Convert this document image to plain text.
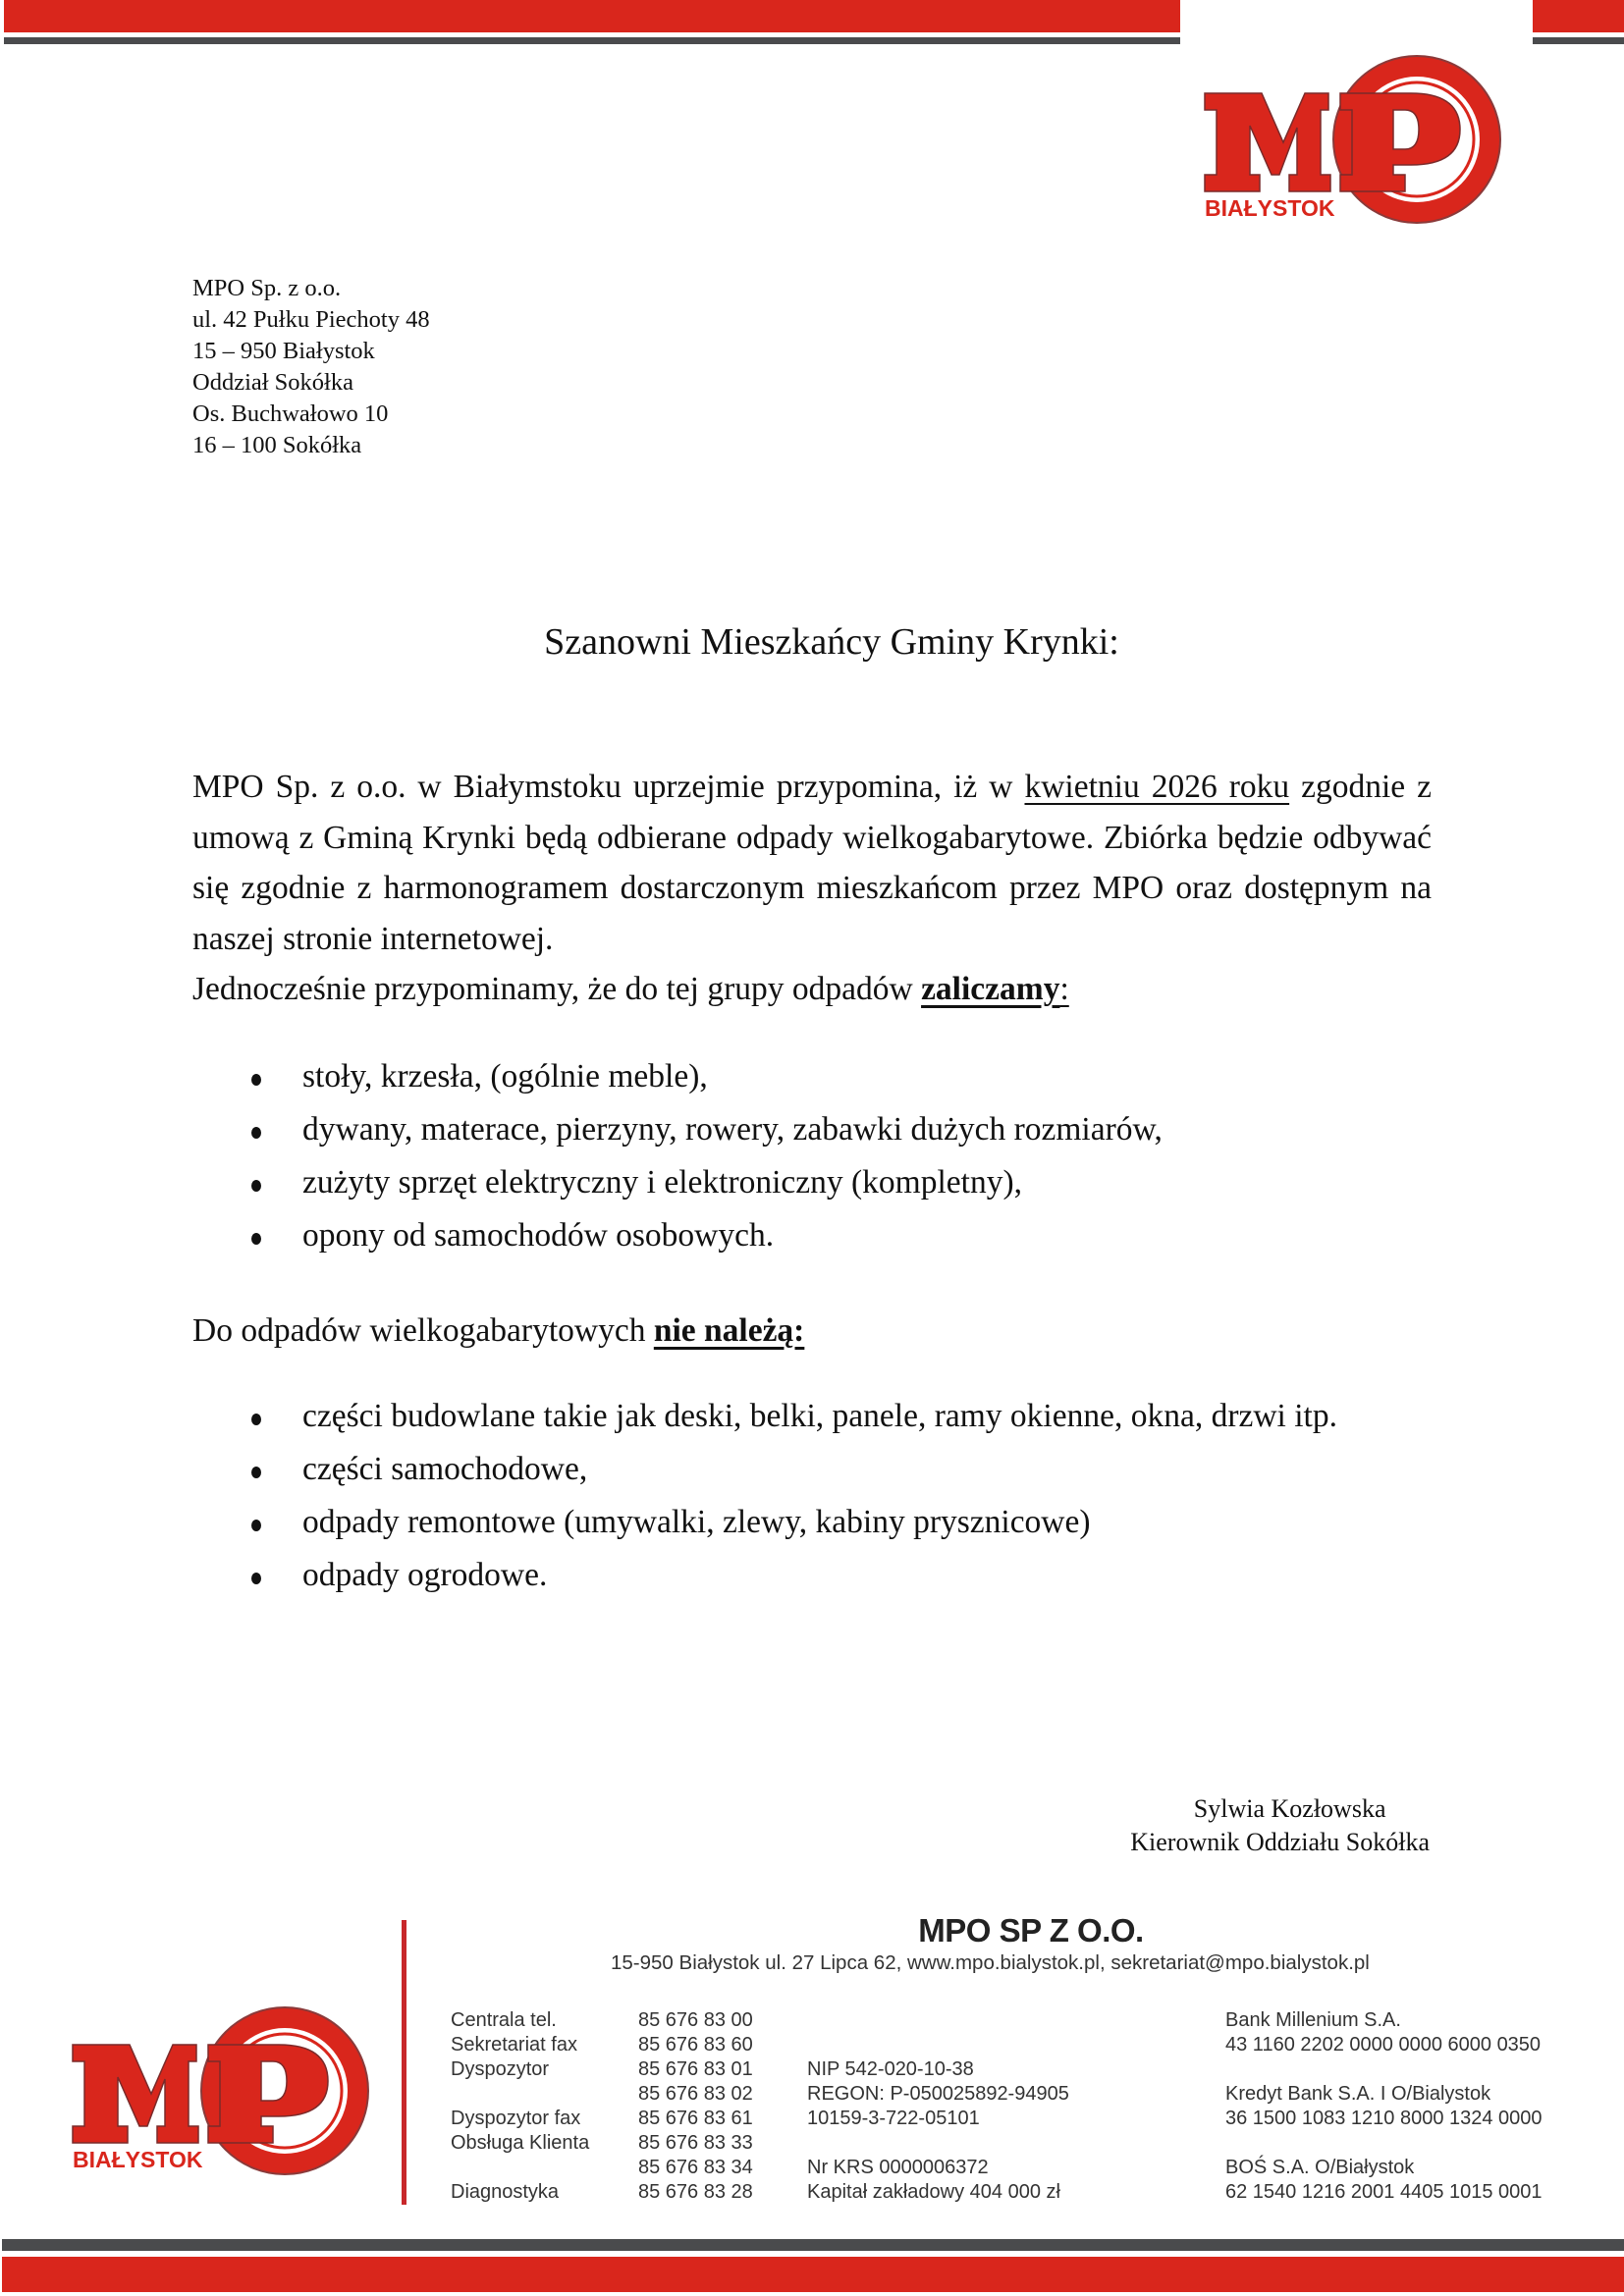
BIAŁYSTOK
MPO Sp. z o.o.
ul. 42 Pułku Piechoty 48
15 – 950 Białystok
Oddział Sokółka
Os. Buchwałowo 10
16 – 100 Sokółka
Szanowni Mieszkańcy Gminy Krynki:

MPO Sp. z o.o. w Białymstoku uprzejmie przypomina, iż w kwietniu 2026 roku zgodnie z umową z Gminą Krynki będą odbierane odpady wielkogabarytowe. Zbiórka będzie odbywać się zgodnie z harmonogramem dostarczonym mieszkańcom przez MPO oraz dostępnym na naszej stronie internetowej.

Jednocześnie przypominamy, że do tej grupy odpadów zaliczamy:

stoły, krzesła, (ogólnie meble),
dywany, materace, pierzyny, rowery, zabawki dużych rozmiarów,
zużyty sprzęt elektryczny i elektroniczny (kompletny),
opony od samochodów osobowych.

Do odpadów wielkogabarytowych nie należą:

części budowlane takie jak deski, belki, panele, ramy okienne, okna, drzwi itp.
części samochodowe,
odpady remontowe (umywalki, zlewy, kabiny prysznicowe)
odpady ogrodowe.
Sylwia Kozłowska
Kierownik Oddziału Sokółka
BIAŁYSTOK
MPO SP Z O.O.
15-950 Białystok ul. 27 Lipca 62, www.mpo.bialystok.pl, sekretariat@mpo.bialystok.pl
Centrala tel.
Sekretariat fax
Dyspozytor
Dyspozytor fax
Obsługa Klienta
Diagnostyka
85 676 83 00
85 676 83 60
85 676 83 01
85 676 83 02
85 676 83 61
85 676 83 33
85 676 83 34
85 676 83 28
NIP 542-020-10-38
REGON: P-050025892-94905
10159-3-722-05101
Nr KRS 0000006372
Kapitał zakładowy 404 000 zł
Bank Millenium S.A.
43 1160 2202 0000 0000 6000 0350
Kredyt Bank S.A. I O/Bialystok
36 1500 1083 1210 8000 1324 0000
BOŚ S.A. O/Białystok
62 1540 1216 2001 4405 1015 0001
